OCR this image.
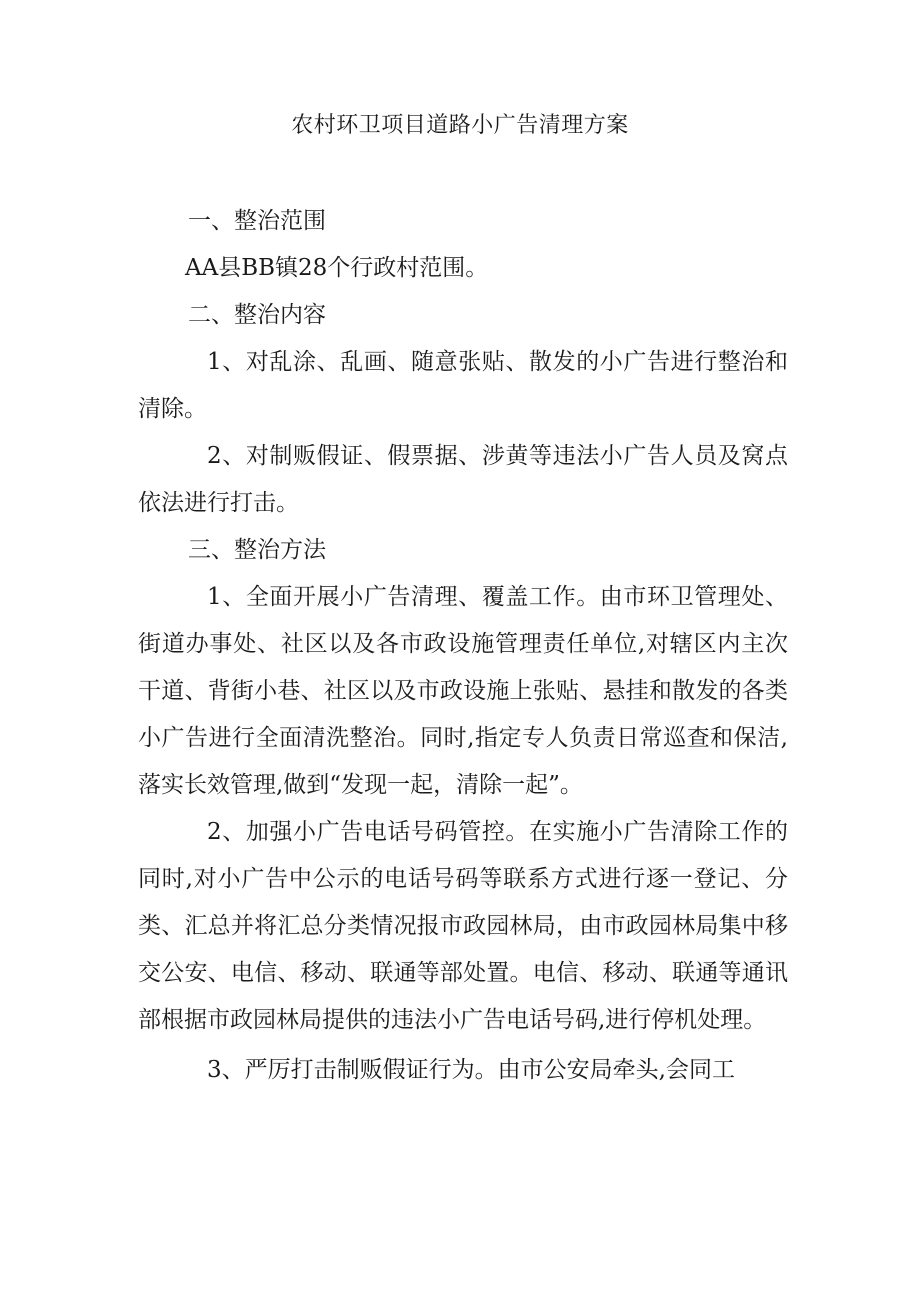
农村环卫项目道路小广告清理方案

一、整治范围

AA县BB镇28个行政村范围。

二、整治内容

1、对乱涂、乱画、随意张贴、散发的小广告进行整治和清除。

2、对制贩假证、假票据、涉黄等违法小广告人员及窝点依法进行打击。

三、整治方法

1、全面开展小广告清理、覆盖工作。由市环卫管理处、街道办事处、社区以及各市政设施管理责任单位,对辖区内主次干道、背街小巷、社区以及市政设施上张贴、悬挂和散发的各类小广告进行全面清洗整治。同时,指定专人负责日常巡查和保洁,落实长效管理,做到“发现一起，清除一起”。

2、加强小广告电话号码管控。在实施小广告清除工作的同时,对小广告中公示的电话号码等联系方式进行逐一登记、分类、汇总并将汇总分类情况报市政园林局，由市政园林局集中移交公安、电信、移动、联通等部处置。电信、移动、联通等通讯部根据市政园林局提供的违法小广告电话号码,进行停机处理。

3、严厉打击制贩假证行为。由市公安局牵头,会同工
